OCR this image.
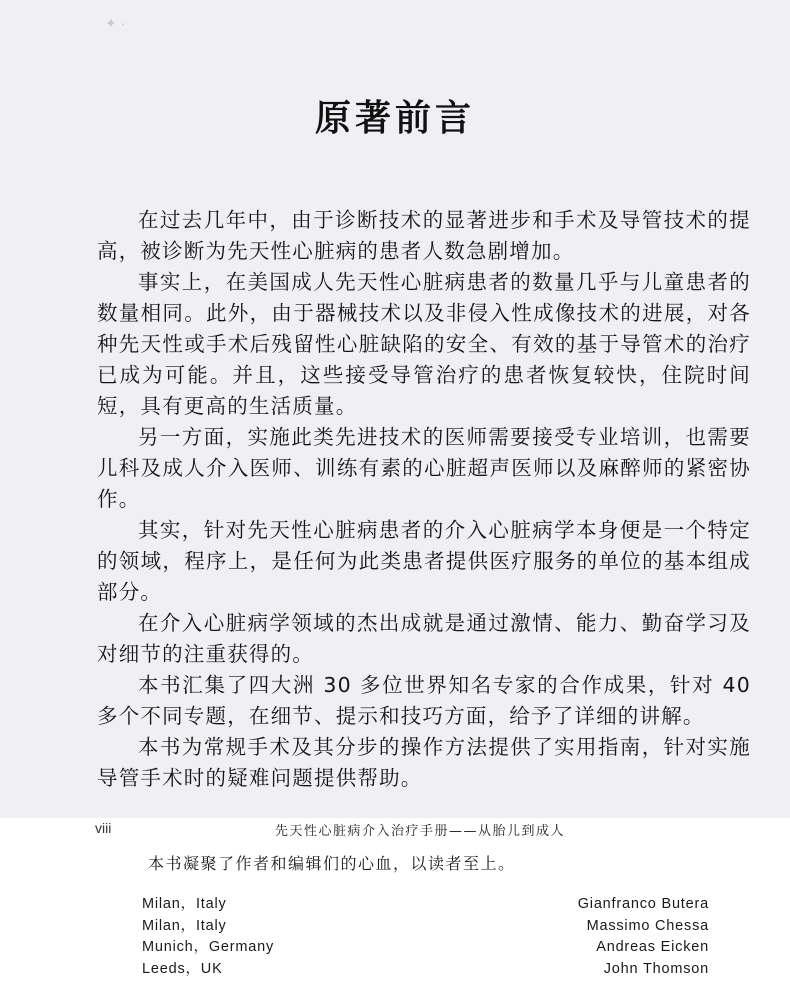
✦ ·
原著前言

在过去几年中，由于诊断技术的显著进步和手术及导管技术的提高，被诊断为先天性心脏病的患者人数急剧增加。

事实上，在美国成人先天性心脏病患者的数量几乎与儿童患者的数量相同。此外，由于器械技术以及非侵入性成像技术的进展，对各种先天性或手术后残留性心脏缺陷的安全、有效的基于导管术的治疗已成为可能。并且，这些接受导管治疗的患者恢复较快，住院时间短，具有更高的生活质量。

另一方面，实施此类先进技术的医师需要接受专业培训，也需要儿科及成人介入医师、训练有素的心脏超声医师以及麻醉师的紧密协作。

其实，针对先天性心脏病患者的介入心脏病学本身便是一个特定的领域，程序上，是任何为此类患者提供医疗服务的单位的基本组成部分。

在介入心脏病学领域的杰出成就是通过激情、能力、勤奋学习及对细节的注重获得的。

本书汇集了四大洲 30 多位世界知名专家的合作成果，针对 40 多个不同专题，在细节、提示和技巧方面，给予了详细的讲解。

本书为常规手术及其分步的操作方法提供了实用指南，针对实施导管手术时的疑难问题提供帮助。

viii	先天性心脏病介入治疗手册——从胎儿到成人
本书凝聚了作者和编辑们的心血，以读者至上。
Milan，Italy
Milan，Italy
Munich，Germany
Leeds，UK
Gianfranco Butera
Massimo Chessa
Andreas Eicken
John Thomson
